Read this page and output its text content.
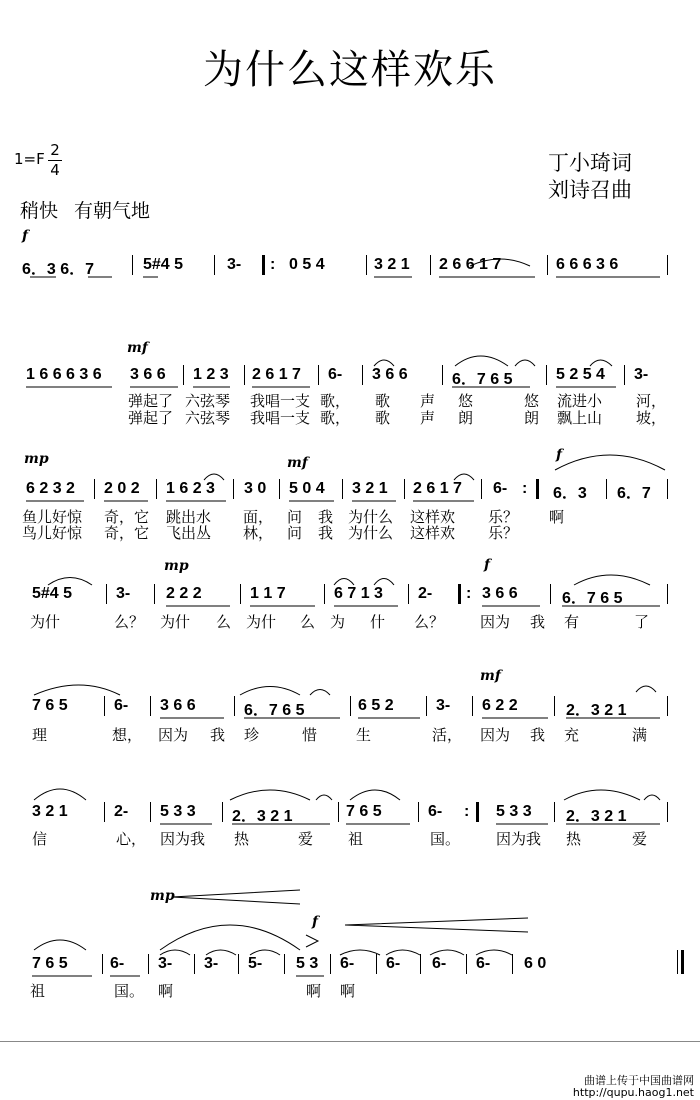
为什么这样欢乐
1=F 2
4
稍快 有朝气地
丁小琦词
刘诗召曲
f
6．3 6．7	5#4 5	3- : 0 5 4	3 2 1 2 6 6 1 7	6 6 6 3 6
mf
1 6 6 6 3 6 3 6 6 1 2 3 2 6 1 7 6- 3 6 6	6．7 6 5	5 2 5 4 3-
弹起了 六弦琴 我唱一支 歌， 歌 声 悠	悠 流进小 河，
弹起了 六弦琴 我唱一支 歌， 歌 声 朗	朗 飘上山 坡，
mp	mf	f
6 2 3 2 2 0 2 1 6 2 3 3 0 5 0 4 3 2 1 2 6 1 7 6- : 6．3 6．7
鱼儿好惊 奇，它 跳出水 面， 问 我 为什么 这样欢 乐？ 啊
鸟儿好惊 奇，它 飞出丛 林， 问 我 为什么 这样欢 乐？
mp	f
5#4 5	3- 2 2 2	1 1 7	6 7 1 3 2- : 3 6 6	6．7 6 5
为什	么？ 为什 么 为什 么 为 什 么？ 因为 我 有	了
mf
7 6 5	6- 3 6 6	6．7 6 5	6 5 2	3- 6 2 2	2．3 2 1
理	想， 因为 我 珍	惜	生	活， 因为 我 充	满
3 2 1	2- 5 3 3 2．3 2 1	7 6 5	6- : 5 3 3 2．3 2 1
信	心， 因为我 热	爱 祖	国。 因为我 热	爱
mp
f
7 6 5	6- 3- 3- 5- 5 3 6- 6- 6- 6- 6 0
祖	国。 啊	啊 啊
曲谱上传于中国曲谱网
http://qupu.haog1.net
